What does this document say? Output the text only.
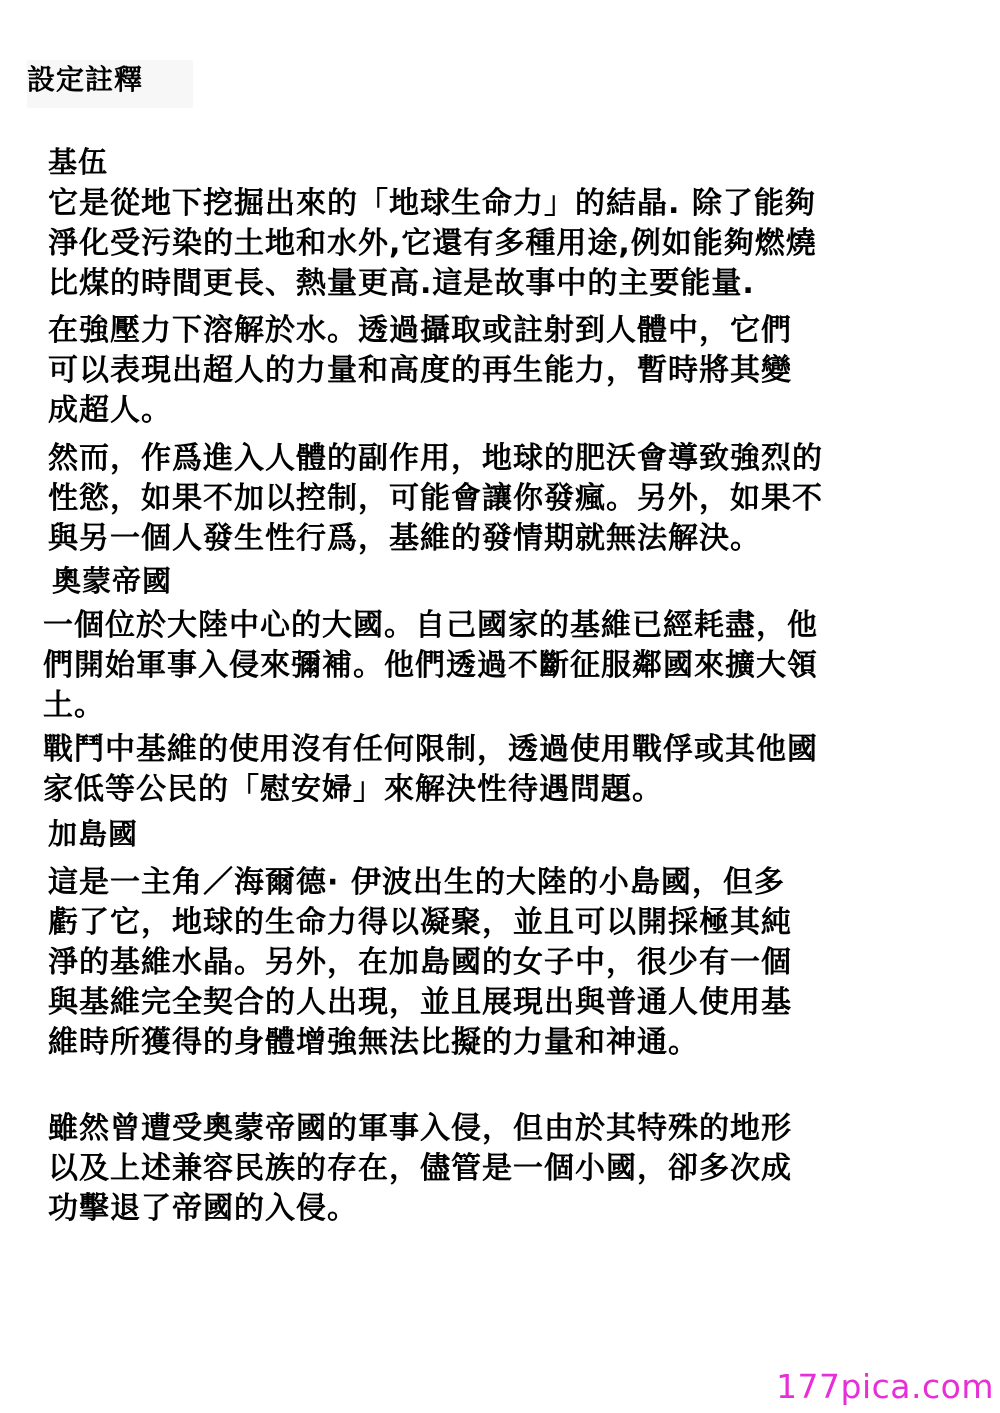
設定註釋
基伍
它是從地下挖掘出來的「地球生命力」的結晶. 除了能夠
淨化受污染的土地和水外,它還有多種用途,例如能夠燃燒
比煤的時間更長、熱量更高.這是故事中的主要能量.
在強壓力下溶解於水。透過攝取或註射到人體中，它們
可以表現出超人的力量和高度的再生能力，暫時將其變
成超人。
然而，作爲進入人體的副作用，地球的肥沃會導致強烈的
性慾，如果不加以控制，可能會讓你發瘋。另外，如果不
與另一個人發生性行爲，基維的發情期就無法解決。
奧蒙帝國
一個位於大陸中心的大國。自己國家的基維已經耗盡，他
們開始軍事入侵來彌補。他們透過不斷征服鄰國來擴大領
土。
戰鬥中基維的使用沒有任何限制，透過使用戰俘或其他國
家低等公民的「慰安婦」來解決性待遇問題。
加島國
這是一主角／海爾德· 伊波出生的大陸的小島國，但多
虧了它，地球的生命力得以凝聚，並且可以開採極其純
淨的基維水晶。另外，在加島國的女子中，很少有一個
與基維完全契合的人出現，並且展現出與普通人使用基
維時所獲得的身體增強無法比擬的力量和神通。
雖然曾遭受奧蒙帝國的軍事入侵，但由於其特殊的地形
以及上述兼容民族的存在，儘管是一個小國，卻多次成
功擊退了帝國的入侵。
177pica.com
